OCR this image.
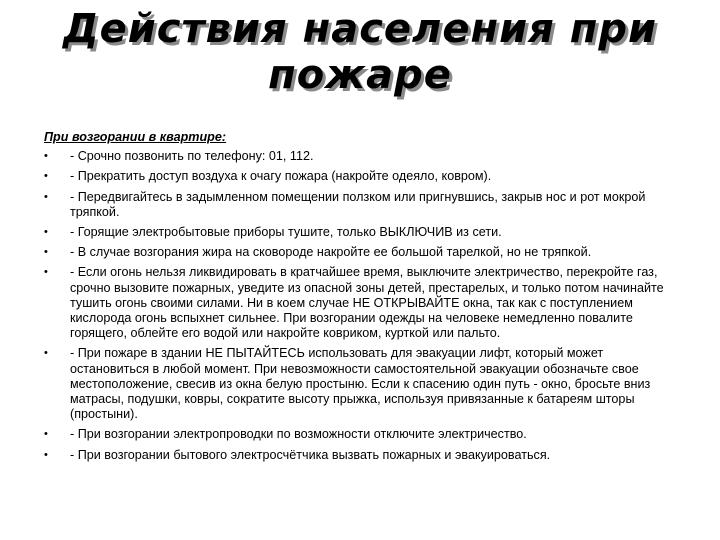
Действия населения при
пожаре

При возгорании в квартире:

• - Срочно позвонить по телефону: 01, 112.
• - Прекратить доступ воздуха к очагу пожара (накройте одеяло, ковром).
• - Передвигайтесь в задымленном помещении ползком или пригнувшись, закрыв нос и рот мокрой тряпкой.
• - Горящие электробытовые приборы тушите, только ВЫКЛЮЧИВ из сети.
• - В случае возгорания жира на сковороде накройте ее большой тарелкой, но не тряпкой.
• - Если огонь нельзя ликвидировать в кратчайшее время, выключите электричество, перекройте газ, срочно вызовите пожарных, уведите из опасной зоны детей, престарелых, и только потом начинайте тушить огонь своими силами. Ни в коем случае НЕ ОТКРЫВАЙТЕ окна, так как с поступлением кислорода огонь вспыхнет сильнее. При возгорании одежды на человеке немедленно повалите горящего, облейте его водой или накройте ковриком, курткой или пальто.
• - При пожаре в здании НЕ ПЫТАЙТЕСЬ использовать для эвакуации лифт, который может остановиться в любой момент. При невозможности самостоятельной эвакуации обозначьте свое местоположение, свесив из окна белую простыню. Если к спасению один путь - окно, бросьте вниз матрасы, подушки, ковры, сократите высоту прыжка, используя привязанные к батареям шторы (простыни).
• - При возгорании электропроводки по возможности отключите электричество.
• - При возгорании бытового электросчётчика вызвать пожарных и эвакуироваться.
